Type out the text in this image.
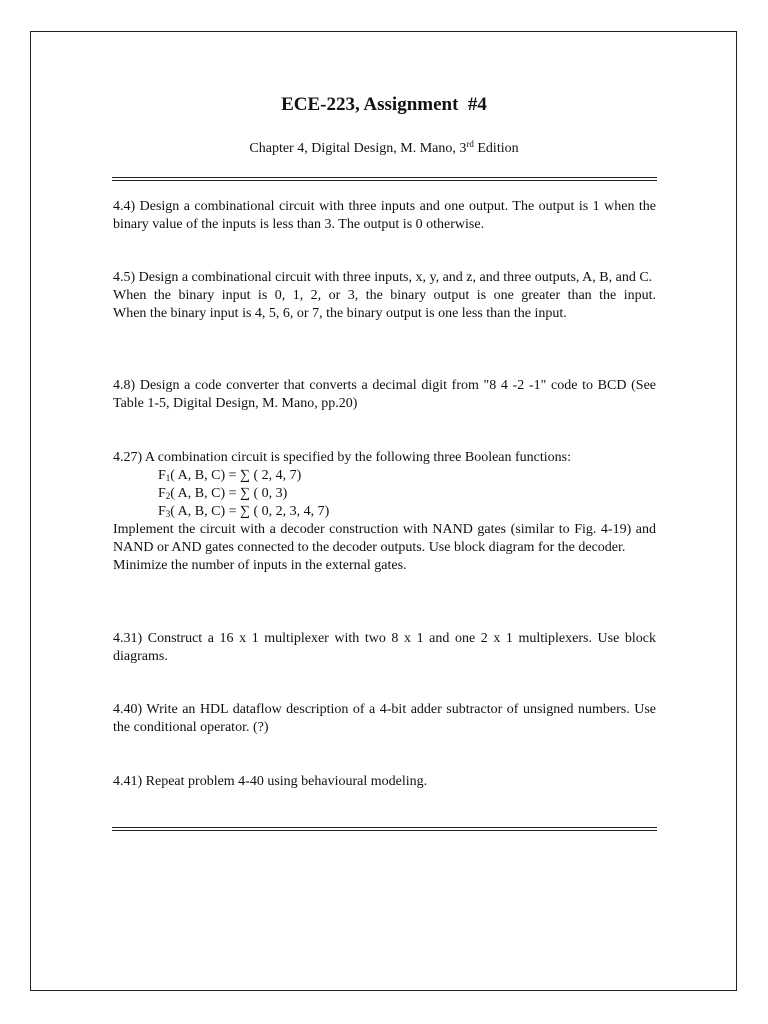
ECE-223, Assignment  #4
Chapter 4, Digital Design, M. Mano, 3rd Edition

4.4) Design a combinational circuit with three inputs and one output. The output is 1 when the binary value of the inputs is less than 3. The output is 0 otherwise.

4.5) Design a combinational circuit with three inputs, x, y, and z, and three outputs, A, B, and C.

When the binary input is 0, 1, 2, or 3, the binary output is one greater than the input.

When the binary input is 4, 5, 6, or 7, the binary output is one less than the input.

4.8) Design a code converter that converts a decimal digit from "8 4 -2 -1" code to BCD (See Table 1-5, Digital Design, M. Mano, pp.20)

4.27) A combination circuit is specified by the following three Boolean functions:

$F_1$( A, B, C) = ∑ ( 2, 4, 7)

$F_2$( A, B, C) = ∑ ( 0, 3)

$F_3$( A, B, C) = ∑ ( 0, 2, 3, 4, 7)

Implement the circuit with a decoder construction with NAND gates (similar to Fig. 4-19) and NAND or AND gates connected to the decoder outputs. Use block diagram for the decoder.

Minimize the number of inputs in the external gates.

4.31) Construct a 16 x 1 multiplexer with two 8 x 1 and one 2 x 1 multiplexers. Use block diagrams.

4.40) Write an HDL dataflow description of a 4-bit adder subtractor of unsigned numbers. Use the conditional operator. (?)

4.41) Repeat problem 4-40 using behavioural modeling.
